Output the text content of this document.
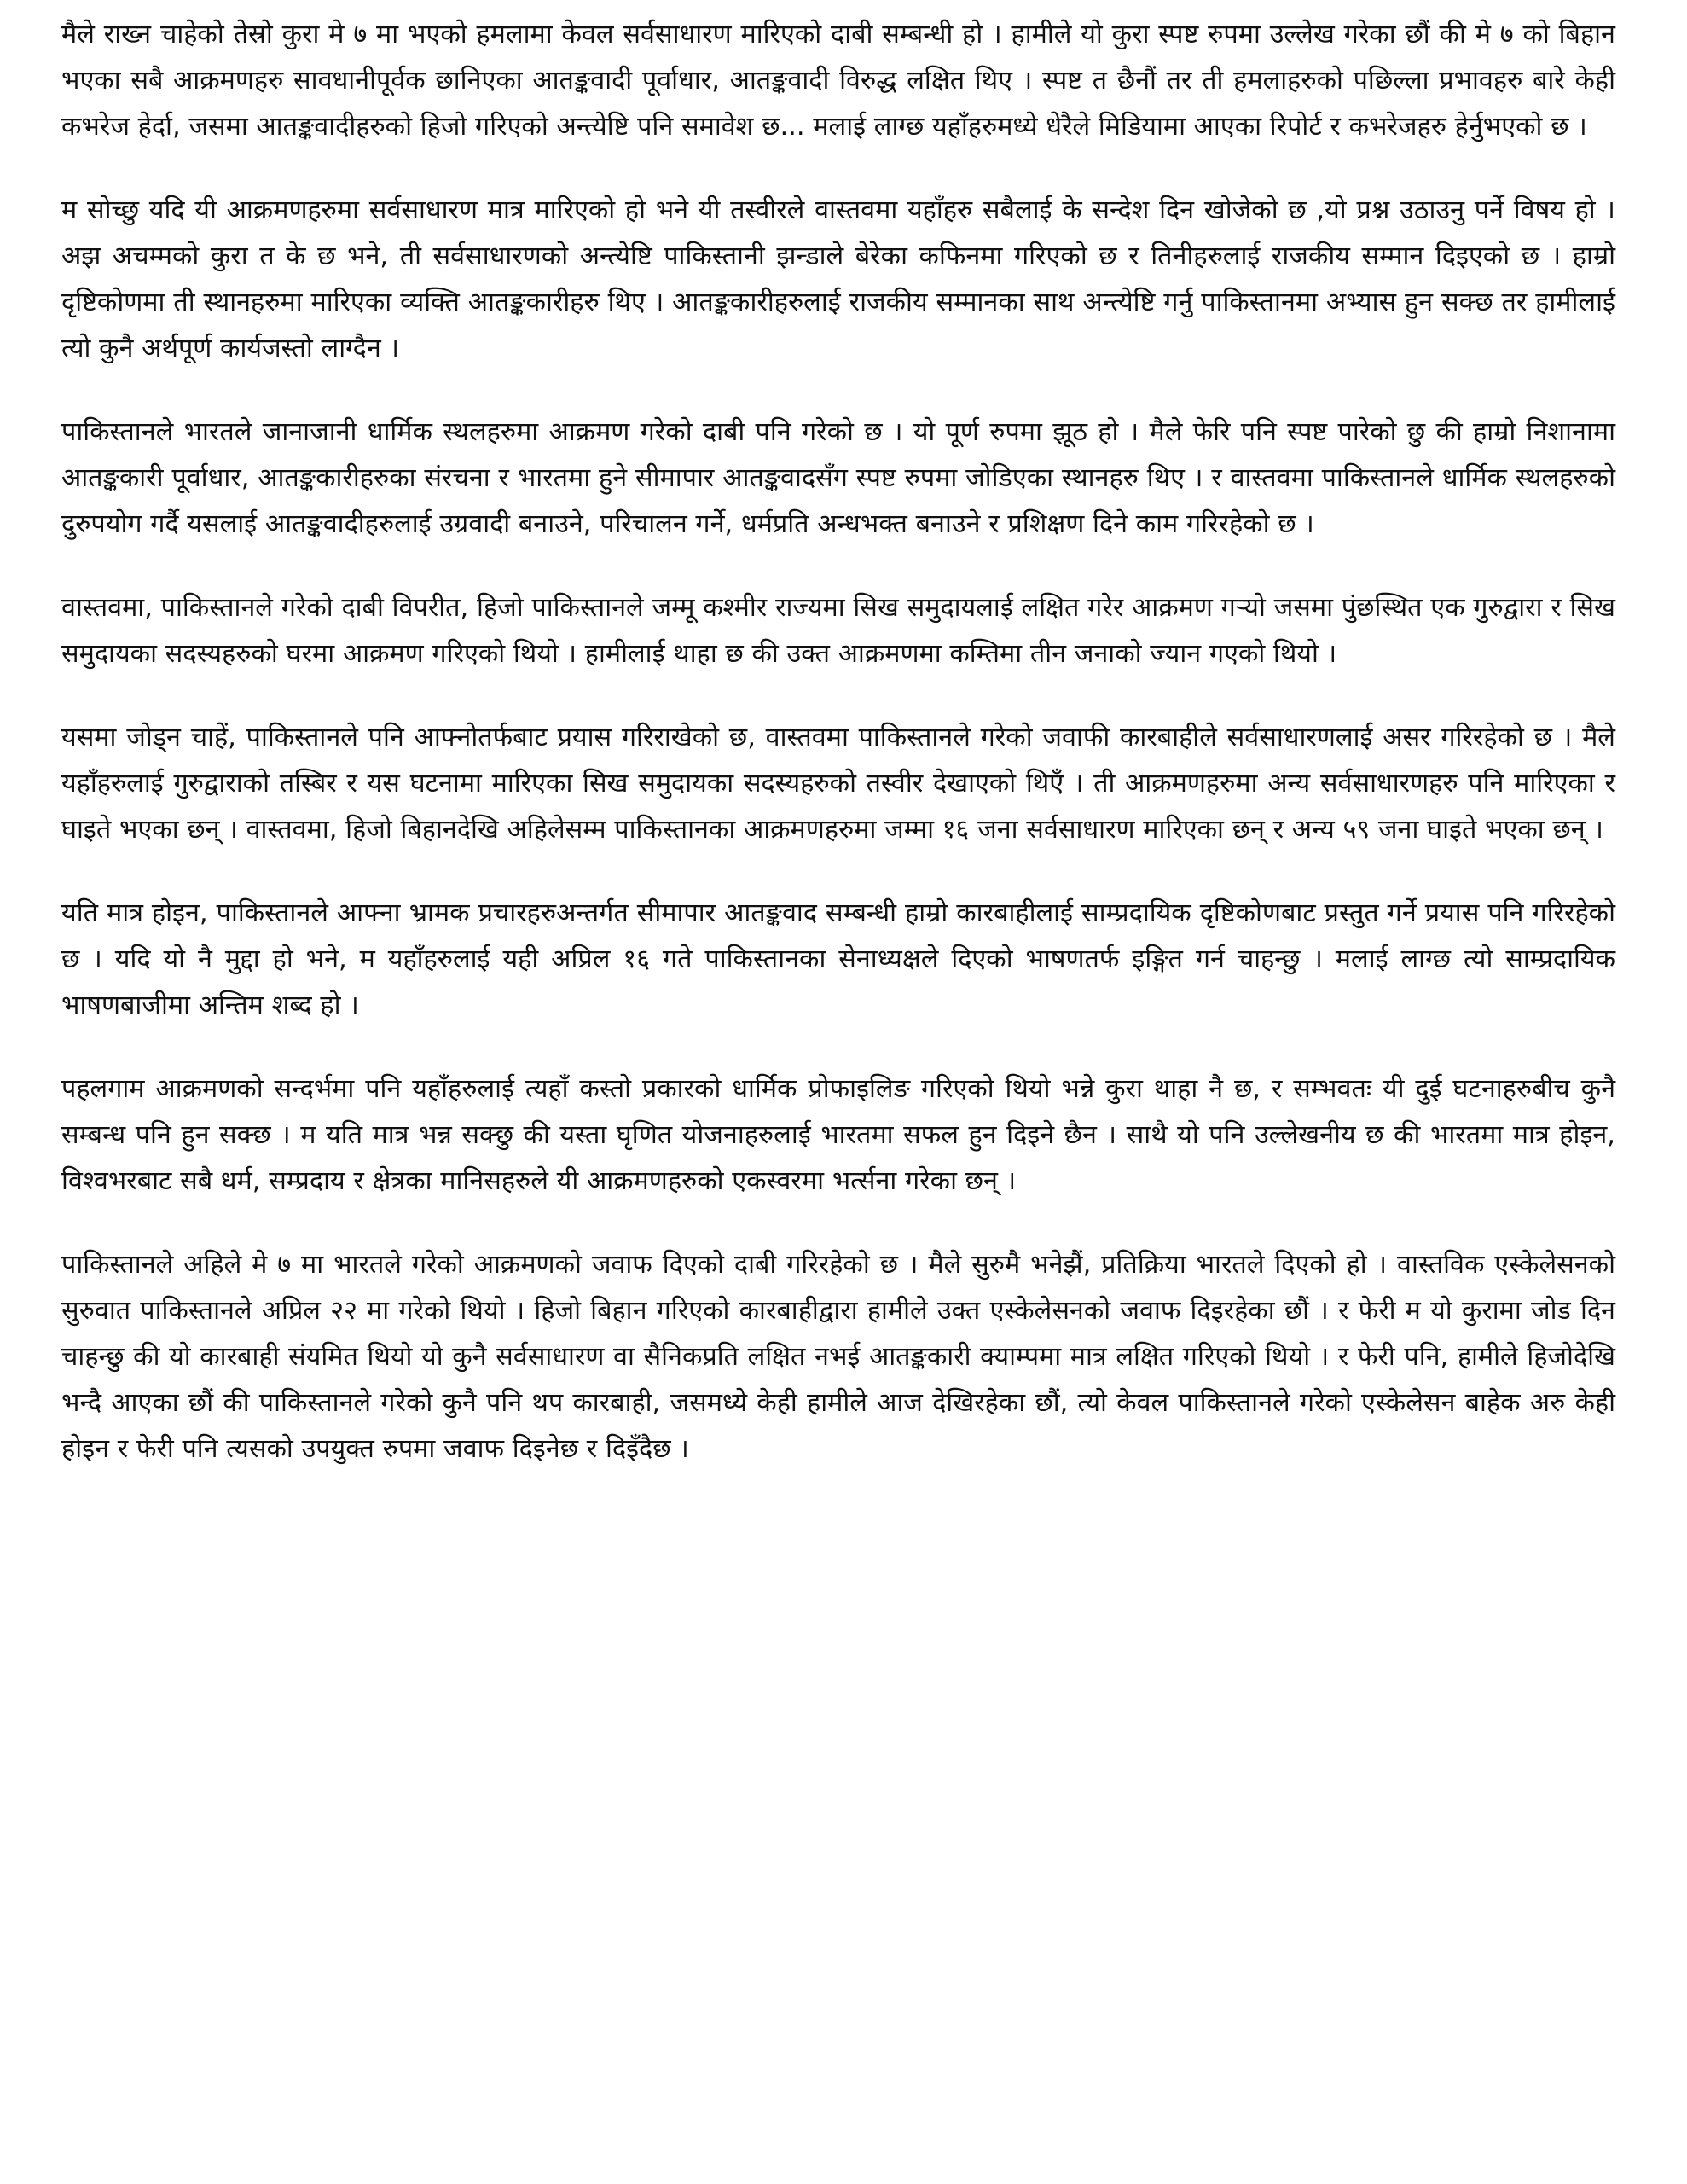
मैले राख्न चाहेको तेस्रो कुरा मे ७ मा भएको हमलामा केवल सर्वसाधारण मारिएको दाबी सम्बन्धी हो । हामीले यो कुरा स्पष्ट रुपमा उल्लेख गरेका छौं की मे ७ को बिहान भएका सबै आक्रमणहरु सावधानीपूर्वक छानिएका आतङ्कवादी पूर्वाधार, आतङ्कवादी विरुद्ध लक्षित थिए । स्पष्ट त छैनौं तर ती हमलाहरुको पछिल्ला प्रभावहरु बारे केही कभरेज हेर्दा, जसमा आतङ्कवादीहरुको हिजो गरिएको अन्त्येष्टि पनि समावेश छ... मलाई लाग्छ यहाँहरुमध्ये धेरैले मिडियामा आएका रिपोर्ट र कभरेजहरु हेर्नुभएको छ ।

म सोच्छु यदि यी आक्रमणहरुमा सर्वसाधारण मात्र मारिएको हो भने यी तस्वीरले वास्तवमा यहाँहरु सबैलाई के सन्देश दिन खोजेको छ ,यो प्रश्न उठाउनु पर्ने विषय हो । अझ अचम्मको कुरा त के छ भने, ती सर्वसाधारणको अन्त्येष्टि पाकिस्तानी झन्डाले बेरेका कफिनमा गरिएको छ र तिनीहरुलाई राजकीय सम्मान दिइएको छ । हाम्रो दृष्टिकोणमा ती स्थानहरुमा मारिएका व्यक्ति आतङ्ककारीहरु थिए । आतङ्ककारीहरुलाई राजकीय सम्मानका साथ अन्त्येष्टि गर्नु पाकिस्तानमा अभ्यास हुन सक्छ तर हामीलाई त्यो कुनै अर्थपूर्ण कार्यजस्तो लाग्दैन ।

पाकिस्तानले भारतले जानाजानी धार्मिक स्थलहरुमा आक्रमण गरेको दाबी पनि गरेको छ । यो पूर्ण रुपमा झूठ हो । मैले फेरि पनि स्पष्ट पारेको छु की हाम्रो निशानामा आतङ्ककारी पूर्वाधार, आतङ्ककारीहरुका संरचना र भारतमा हुने सीमापार आतङ्कवादसँग स्पष्ट रुपमा जोडिएका स्थानहरु थिए । र वास्तवमा पाकिस्तानले धार्मिक स्थलहरुको दुरुपयोग गर्दै यसलाई आतङ्कवादीहरुलाई उग्रवादी बनाउने, परिचालन गर्नेे, धर्मप्रति अन्धभक्त बनाउने र प्रशिक्षण दिने काम गरिरहेको छ ।

वास्तवमा, पाकिस्तानले गरेको दाबी विपरीत, हिजो पाकिस्तानले जम्मू कश्मीर राज्यमा सिख समुदायलाई लक्षित गरेर आक्रमण गर्‍यो जसमा पुंछस्थित एक गुरुद्वारा र सिख समुदायका सदस्यहरुको घरमा आक्रमण गरिएको थियो । हामीलाई थाहा छ की उक्त आक्रमणमा कम्तिमा तीन जनाको ज्यान गएको थियो ।

यसमा जोड्न चाहें, पाकिस्तानले पनि आफ्नोतर्फबाट प्रयास गरिराखेको छ, वास्तवमा पाकिस्तानले गरेको जवाफी कारबाहीले सर्वसाधारणलाई असर गरिरहेको छ । मैले यहाँहरुलाई गुरुद्वाराको तस्बिर र यस घटनामा मारिएका सिख समुदायका सदस्यहरुको तस्वीर देखाएको थिएँ । ती आक्रमणहरुमा अन्य सर्वसाधारणहरु पनि मारिएका र घाइते भएका छन् । वास्तवमा, हिजो बिहानदेखि अहिलेसम्म पाकिस्तानका आक्रमणहरुमा जम्मा १६ जना सर्वसाधारण मारिएका छन् र अन्य ५९ जना घाइते भएका छन् ।

यति मात्र होइन, पाकिस्तानले आफ्ना भ्रामक प्रचारहरुअन्तर्गत सीमापार आतङ्कवाद सम्बन्धी हाम्रो कारबाहीलाई साम्प्रदायिक दृष्टिकोणबाट प्रस्तुत गर्ने प्रयास पनि गरिरहेको छ । यदि यो नै मुद्दा हो भने, म यहाँहरुलाई यही अप्रिल १६ गते पाकिस्तानका सेनाध्यक्षले दिएको भाषणतर्फ इङ्गित गर्न चाहन्छु । मलाई लाग्छ त्यो साम्प्रदायिक भाषणबाजीमा अन्तिम शब्द हो ।

पहलगाम आक्रमणको सन्दर्भमा पनि यहाँहरुलाई त्यहाँ कस्तो प्रकारको धार्मिक प्रोफाइलिङ गरिएको थियो भन्ने कुरा थाहा नै छ, र सम्भवतः यी दुई घटनाहरुबीच कुनै सम्बन्ध पनि हुन सक्छ । म यति मात्र भन्न सक्छु की यस्ता घृणित योजनाहरुलाई भारतमा सफल हुन दिइने छैन । साथै यो पनि उल्लेखनीय छ की भारतमा मात्र होइन, विश्वभरबाट सबै धर्म, सम्प्रदाय र क्षेत्रका मानिसहरुले यी आक्रमणहरुको एकस्वरमा भर्त्सना गरेका छन् ।

पाकिस्तानले अहिले मे ७ मा भारतले गरेको आक्रमणको जवाफ दिएको दाबी गरिरहेको छ । मैले सुरुमै भनेझैं, प्रतिक्रिया भारतले दिएको हो । वास्तविक एस्केलेसनको सुरुवात पाकिस्तानले अप्रिल २२ मा गरेको थियो । हिजो बिहान गरिएको कारबाहीद्वारा हामीले उक्त एस्केलेसनको जवाफ दिइरहेका छौं । र फेरी म यो कुरामा जोड दिन चाहन्छु की यो कारबाही संयमित थियो यो कुनै सर्वसाधारण वा सैनिकप्रति लक्षित नभई आतङ्ककारी क्याम्पमा मात्र लक्षित गरिएको थियो । र फेरी पनि, हामीले हिजोदेखि भन्दै आएका छौं की पाकिस्तानले गरेको कुनै पनि थप कारबाही, जसमध्ये केही हामीले आज देखिरहेका छौं, त्यो केवल पाकिस्तानले गरेको एस्केलेसन बाहेक अरु केही होइन र फेरी पनि त्यसको उपयुक्त रुपमा जवाफ दिइनेछ र दिइँदैछ ।
